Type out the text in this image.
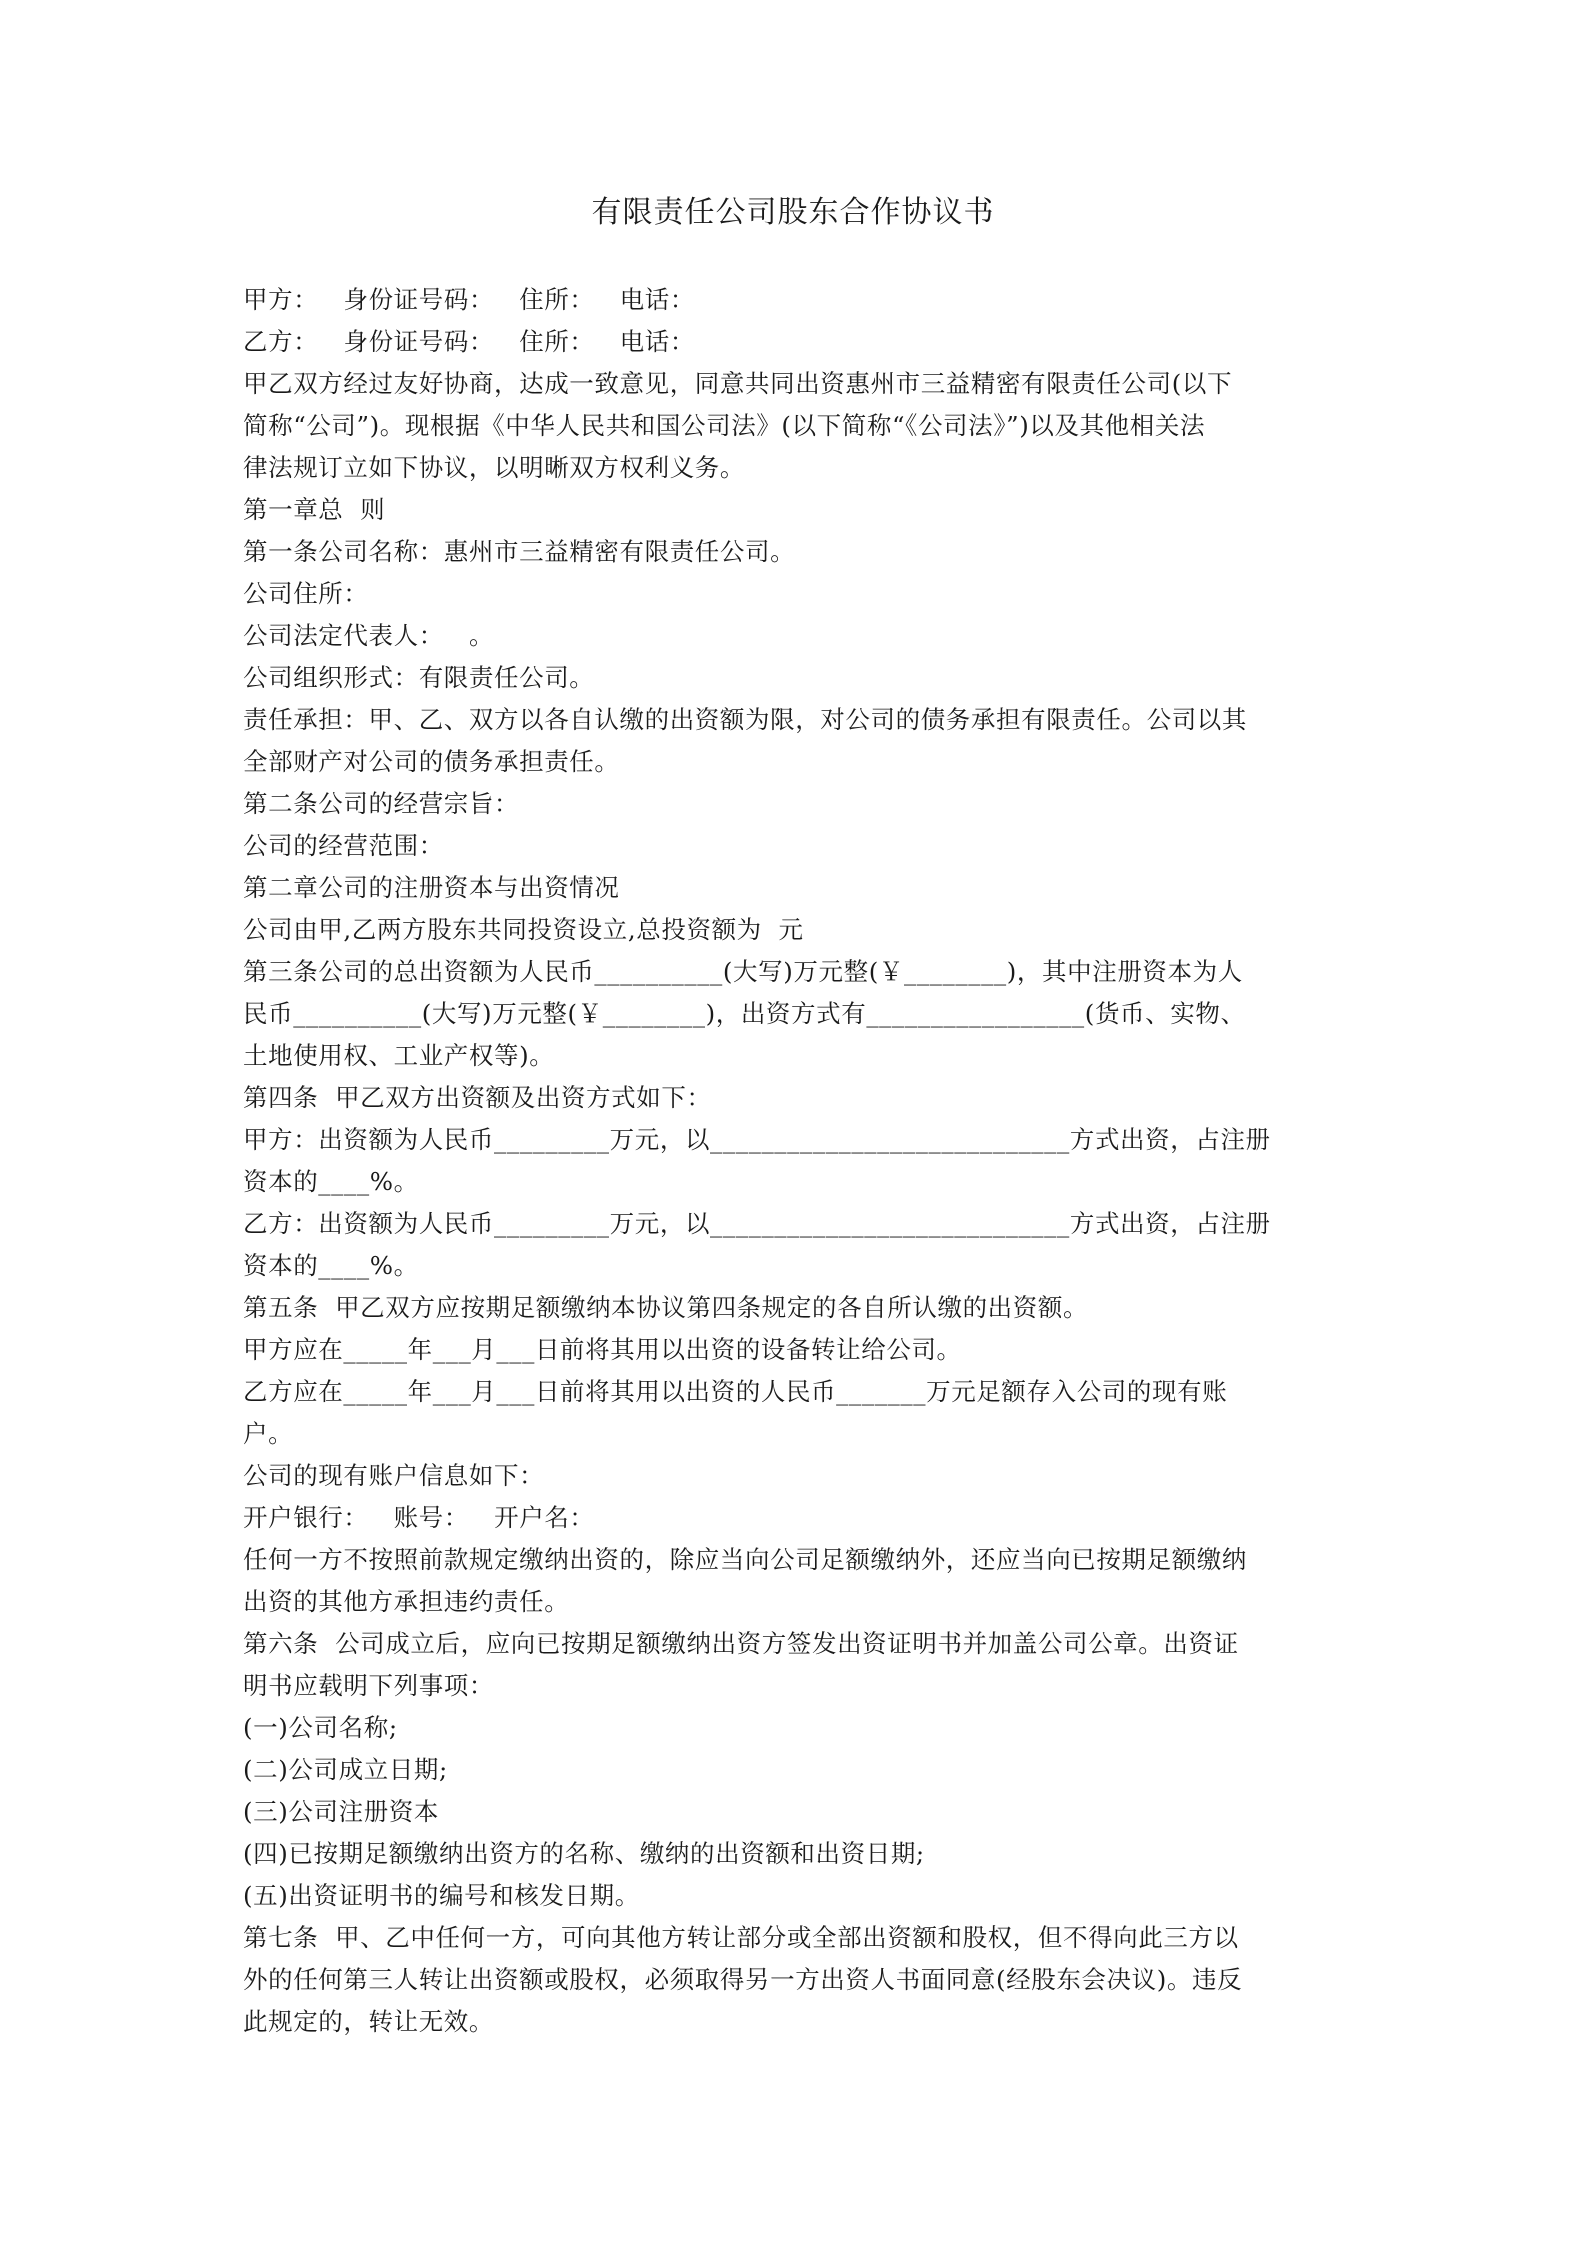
有限责任公司股东合作协议书
甲方：   身份证号码：   住所：   电话：
乙方：   身份证号码：   住所：   电话：
甲乙双方经过友好协商，达成一致意见，同意共同出资惠州市三益精密有限责任公司(以下
简称“公司”)。现根据《中华人民共和国公司法》(以下简称“《公司法》”)以及其他相关法
律法规订立如下协议，以明晰双方权利义务。
第一章总  则
第一条公司名称：惠州市三益精密有限责任公司。
公司住所：
公司法定代表人：   。
公司组织形式：有限责任公司。
责任承担：甲、乙、双方以各自认缴的出资额为限，对公司的债务承担有限责任。公司以其
全部财产对公司的债务承担责任。
第二条公司的经营宗旨：
公司的经营范围：
第二章公司的注册资本与出资情况
公司由甲,乙两方股东共同投资设立,总投资额为  元
第三条公司的总出资额为人民币__________(大写)万元整(￥________)，其中注册资本为人
民币__________(大写)万元整(￥________)，出资方式有_________________(货币、实物、
土地使用权、工业产权等)。
第四条  甲乙双方出资额及出资方式如下：
甲方：出资额为人民币_________万元，以____________________________方式出资，占注册
资本的____%。
乙方：出资额为人民币_________万元，以____________________________方式出资，占注册
资本的____%。
第五条  甲乙双方应按期足额缴纳本协议第四条规定的各自所认缴的出资额。
甲方应在_____年___月___日前将其用以出资的设备转让给公司。
乙方应在_____年___月___日前将其用以出资的人民币_______万元足额存入公司的现有账
户。
公司的现有账户信息如下：
开户银行：   账号：   开户名：
任何一方不按照前款规定缴纳出资的，除应当向公司足额缴纳外，还应当向已按期足额缴纳
出资的其他方承担违约责任。
第六条  公司成立后，应向已按期足额缴纳出资方签发出资证明书并加盖公司公章。出资证
明书应载明下列事项：
(一)公司名称;
(二)公司成立日期;
(三)公司注册资本
(四)已按期足额缴纳出资方的名称、缴纳的出资额和出资日期;
(五)出资证明书的编号和核发日期。
第七条  甲、乙中任何一方，可向其他方转让部分或全部出资额和股权，但不得向此三方以
外的任何第三人转让出资额或股权，必须取得另一方出资人书面同意(经股东会决议)。违反
此规定的，转让无效。
